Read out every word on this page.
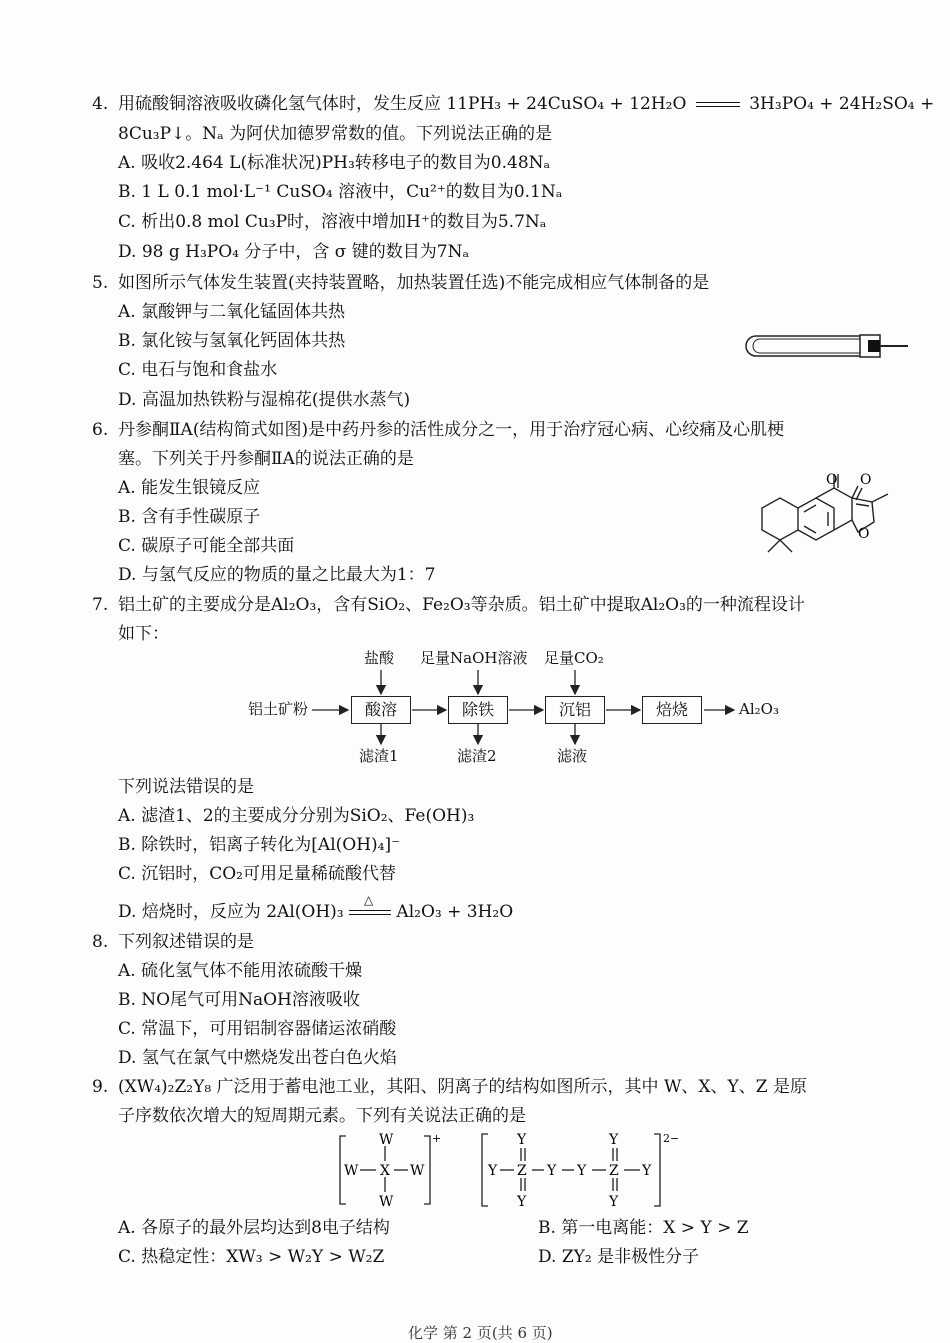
4. 用硫酸铜溶液吸收磷化氢气体时，发生反应 11PH₃ + 24CuSO₄ + 12H₂O	3H₃PO₄ + 24H₂SO₄ +
8Cu₃P↓。Nₐ 为阿伏加德罗常数的值。下列说法正确的是
A. 吸收2.464 L(标准状况)PH₃转移电子的数目为0.48Nₐ
B. 1 L 0.1 mol·L⁻¹ CuSO₄ 溶液中，Cu²⁺的数目为0.1Nₐ
C. 析出0.8 mol Cu₃P时，溶液中增加H⁺的数目为5.7Nₐ
D. 98 g H₃PO₄ 分子中，含 σ 键的数目为7Nₐ
5. 如图所示气体发生装置(夹持装置略，加热装置任选)不能完成相应气体制备的是
A. 氯酸钾与二氧化锰固体共热
B. 氯化铵与氢氧化钙固体共热
C. 电石与饱和食盐水
D. 高温加热铁粉与湿棉花(提供水蒸气)
6. 丹参酮ⅡA(结构简式如图)是中药丹参的活性成分之一，用于治疗冠心病、心绞痛及心肌梗
塞。下列关于丹参酮ⅡA的说法正确的是
A. 能发生银镜反应
B. 含有手性碳原子
C. 碳原子可能全部共面
D. 与氢气反应的物质的量之比最大为1：7
O O
O
7. 铝土矿的主要成分是Al₂O₃，含有SiO₂、Fe₂O₃等杂质。铝土矿中提取Al₂O₃的一种流程设计
如下：
铝土矿粉	酸溶	除铁	沉铝	焙烧	Al₂O₃
盐酸 足量NaOH溶液 足量CO₂
滤渣1	滤渣2	滤液
下列说法错误的是
A. 滤渣1、2的主要成分分别为SiO₂、Fe(OH)₃
B. 除铁时，铝离子转化为[Al(OH)₄]⁻
C. 沉铝时，CO₂可用足量稀硫酸代替
D. 焙烧时，反应为 2Al(OH)₃
△
Al₂O₃ + 3H₂O
8. 下列叙述错误的是
A. 硫化氢气体不能用浓硫酸干燥
B. NO尾气可用NaOH溶液吸收
C. 常温下，可用铝制容器储运浓硝酸
D. 氢气在氯气中燃烧发出苍白色火焰
9. (XW₄)₂Z₂Y₈ 广泛用于蓄电池工业，其阳、阴离子的结构如图所示，其中 W、X、Y、Z 是原
子序数依次增大的短周期元素。下列有关说法正确的是
W
W
W	W
X
+
Y Z
Y
Y
Y Y Z
Y
Y
Y
2−
A. 各原子的最外层均达到8电子结构	B. 第一电离能：X > Y > Z
C. 热稳定性：XW₃ > W₂Y > W₂Z	D. ZY₂ 是非极性分子
化学 第 2 页(共 6 页)
